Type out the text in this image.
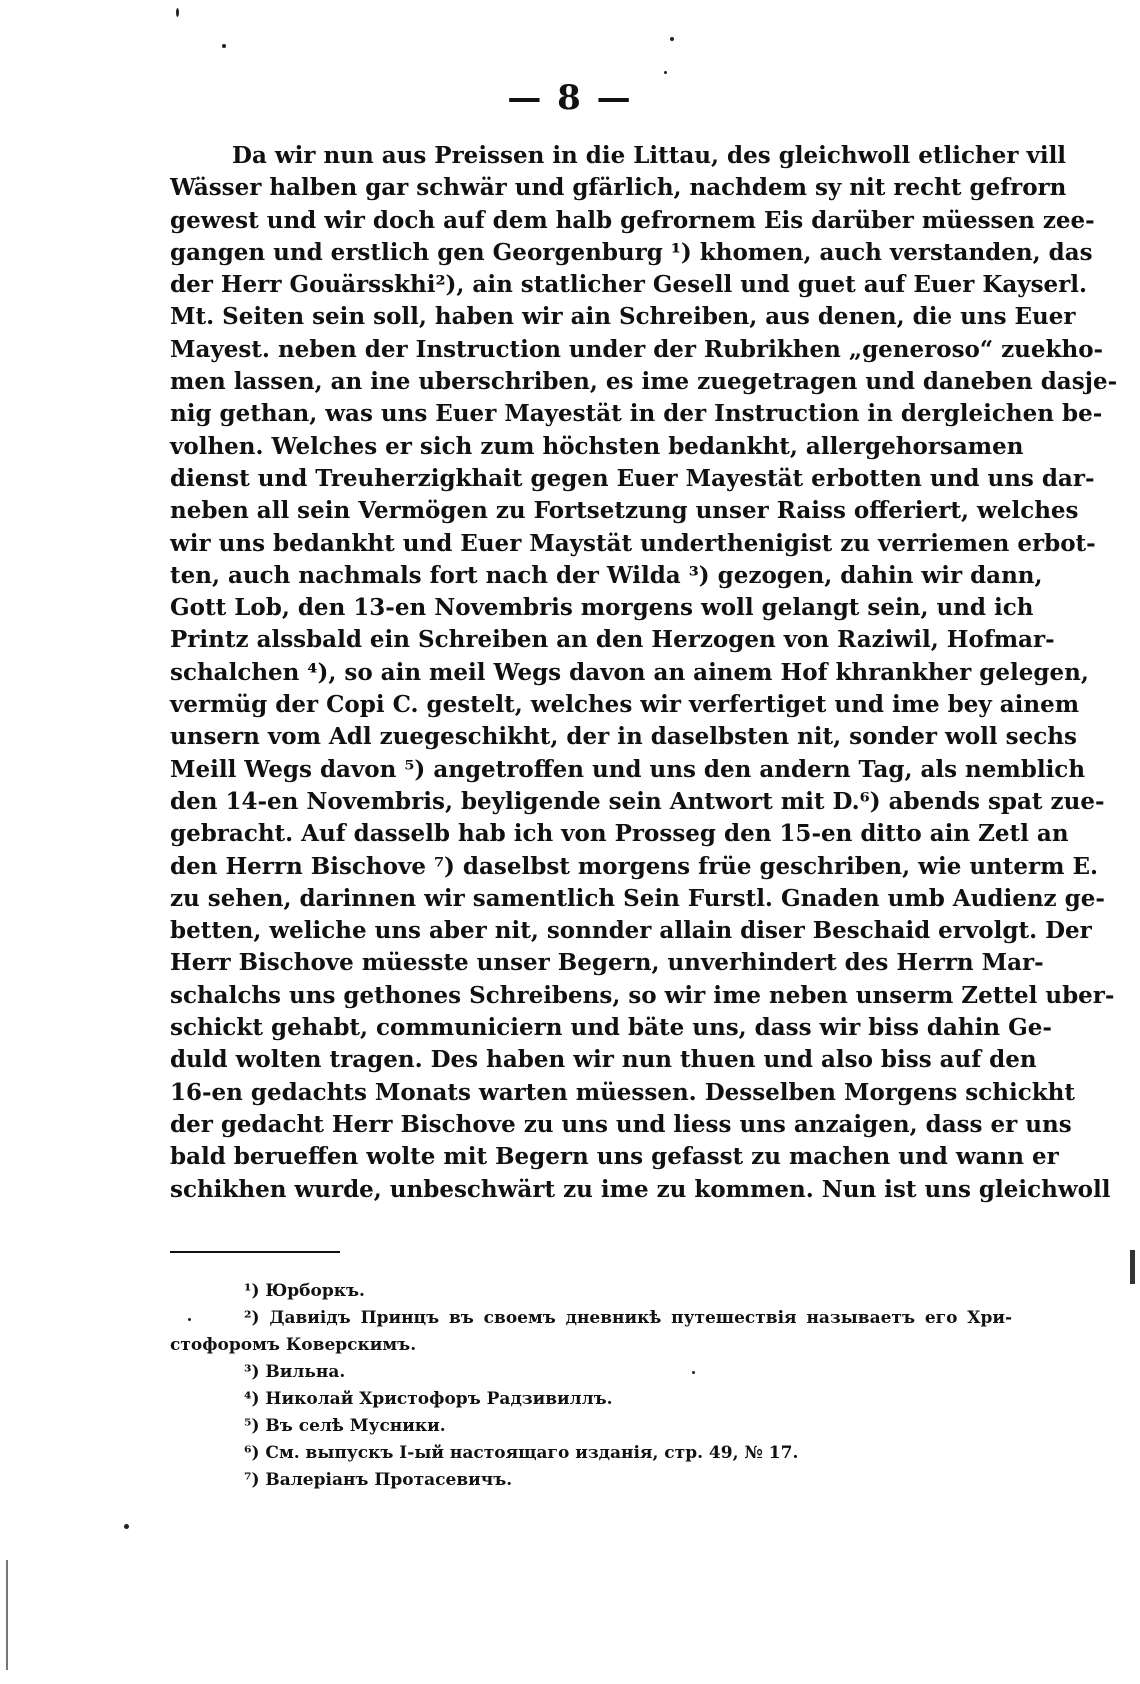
— 8 —
Da wir nun aus Preissen in die Littau, des gleichwoll etlicher vill
Wässer halben gar schwär und gfärlich, nachdem sy nit recht gefrorn
gewest und wir doch auf dem halb gefrornem Eis darüber müessen zee-
gangen und erstlich gen Georgenburg ¹) khomen, auch verstanden, das
der Herr Gouärsskhi²), ain statlicher Gesell und guet auf Euer Kayserl.
Mt. Seiten sein soll, haben wir ain Schreiben, aus denen, die uns Euer
Mayest. neben der Instruction under der Rubrikhen „generoso“ zuekho-
men lassen, an ine uberschriben, es ime zuegetragen und daneben dasje-
nig gethan, was uns Euer Mayestät in der Instruction in dergleichen be-
volhen. Welches er sich zum höchsten bedankht, allergehorsamen
dienst und Treuherzigkhait gegen Euer Mayestät erbotten und uns dar-
neben all sein Vermögen zu Fortsetzung unser Raiss offeriert, welches
wir uns bedankht und Euer Maystät underthenigist zu verriemen erbot-
ten, auch nachmals fort nach der Wilda ³) gezogen, dahin wir dann,
Gott Lob, den 13-en Novembris morgens woll gelangt sein, und ich
Printz alssbald ein Schreiben an den Herzogen von Raziwil, Hofmar-
schalchen ⁴), so ain meil Wegs davon an ainem Hof khrankher gelegen,
vermüg der Copi C. gestelt, welches wir verfertiget und ime bey ainem
unsern vom Adl zuegeschikht, der in daselbsten nit, sonder woll sechs
Meill Wegs davon ⁵) angetroffen und uns den andern Tag, als nemblich
den 14-en Novembris, beyligende sein Antwort mit D.⁶) abends spat zue-
gebracht. Auf dasselb hab ich von Prosseg den 15-en ditto ain Zetl an
den Herrn Bischove ⁷) daselbst morgens früe geschriben, wie unterm E.
zu sehen, darinnen wir samentlich Sein Furstl. Gnaden umb Audienz ge-
betten, weliche uns aber nit, sonnder allain diser Beschaid ervolgt. Der
Herr Bischove müesste unser Begern, unverhindert des Herrn Mar-
schalchs uns gethones Schreibens, so wir ime neben unserm Zettel uber-
schickt gehabt, communiciern und bäte uns, dass wir biss dahin Ge-
duld wolten tragen. Des haben wir nun thuen und also biss auf den
16-en gedachts Monats warten müessen. Desselben Morgens schickht
der gedacht Herr Bischove zu uns und liess uns anzaigen, dass er uns
bald berueffen wolte mit Begern uns gefasst zu machen und wann er
schikhen wurde, unbeschwärt zu ime zu kommen. Nun ist uns gleichwoll
¹) Юрборкъ.
²) Давиідъ Принцъ въ своемъ дневникѣ путешествія называетъ его Хри-
стофоромъ Коверскимъ.
³) Вильна.
⁴) Николай Христофоръ Радзивиллъ.
⁵) Въ селѣ Мусники.
⁶) См. выпускъ I-ый настоящаго изданія, стр. 49, № 17.
⁷) Валеріанъ Протасевичъ.
